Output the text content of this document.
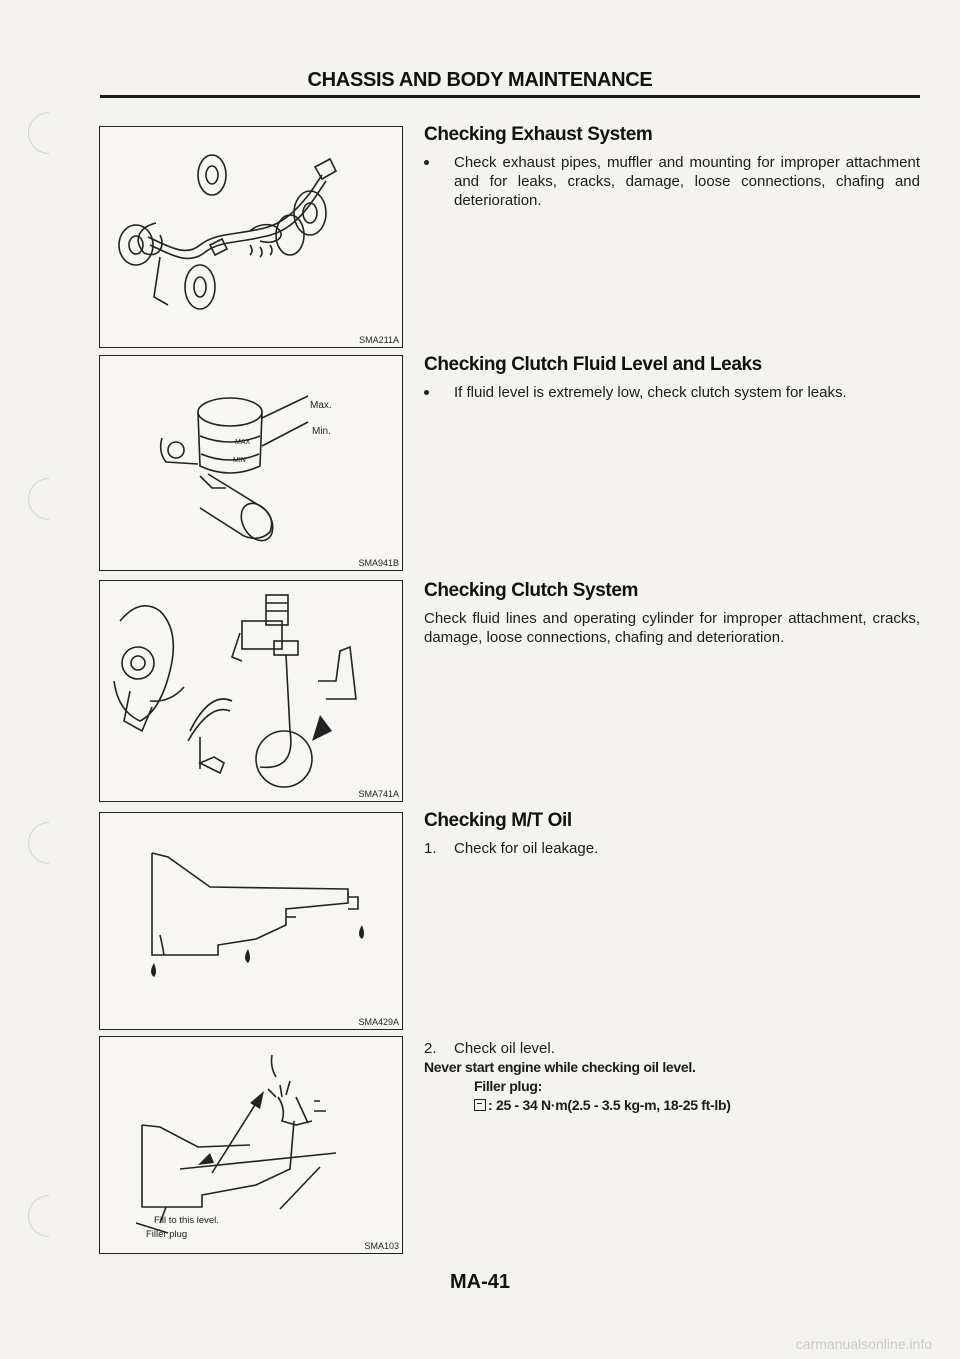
CHASSIS AND BODY MAINTENANCE
SMA211A
MAX
MIN
Max.
Min.
SMA941B
SMA741A
SMA429A
Fill to this level.
Filler plug
SMA103
Checking Exhaust System
Check exhaust pipes, muffler and mounting for improper attachment and for leaks, cracks, damage, loose connections, chafing and deterioration.
Checking Clutch Fluid Level and Leaks
If fluid level is extremely low, check clutch system for leaks.
Checking Clutch System

Check fluid lines and operating cylinder for improper attachment, cracks, damage, loose connections, chafing and deterioration.

Checking M/T Oil
1. Check for oil leakage.
2. Check oil level.
Never start engine while checking oil level.
Filler plug:
: 25 - 34 N·m(2.5 - 3.5 kg-m, 18-25 ft-lb)
MA-41
carmanualsonline.info
